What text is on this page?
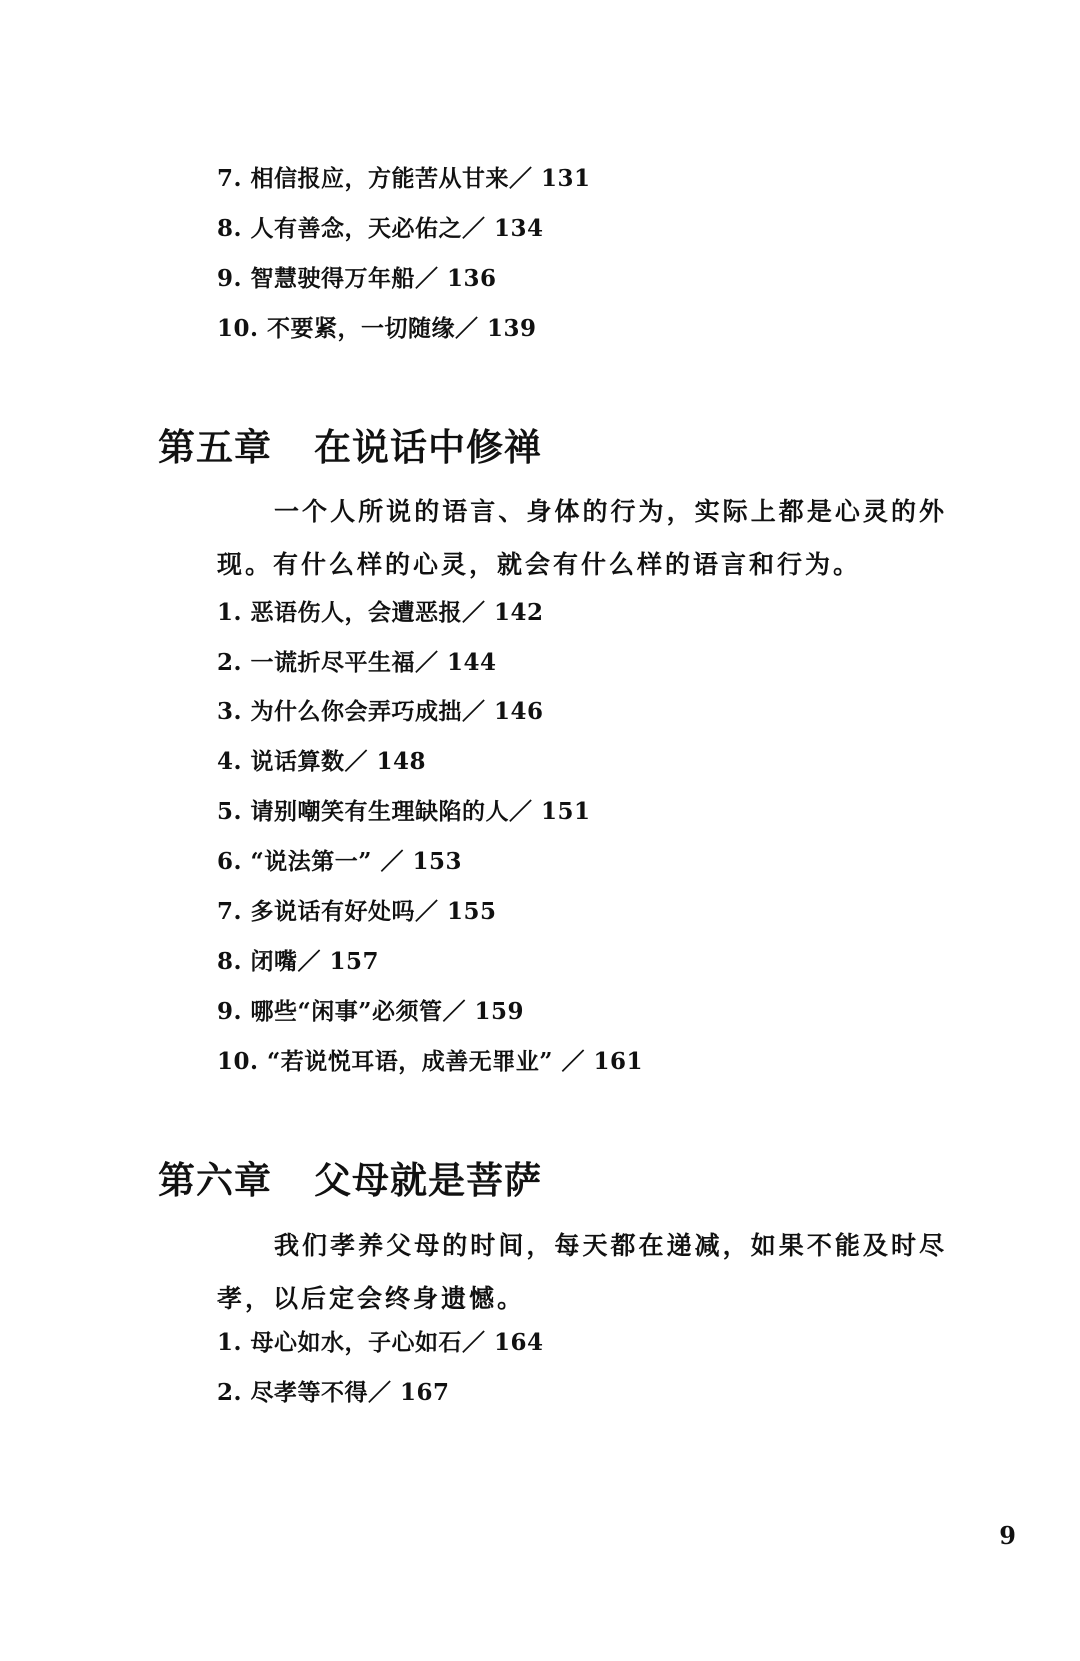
7. 相信报应，方能苦从甘来／ 131
8. 人有善念，天必佑之／ 134
9. 智慧驶得万年船／ 136
10. 不要紧，一切随缘／ 139
第五章 在说话中修禅
一个人所说的语言、身体的行为，实际上都是心灵的外现。有什么样的心灵，就会有什么样的语言和行为。
1. 恶语伤人，会遭恶报／ 142
2. 一谎折尽平生福／ 144
3. 为什么你会弄巧成拙／ 146
4. 说话算数／ 148
5. 请别嘲笑有生理缺陷的人／ 151
6. “说法第一” ／ 153
7. 多说话有好处吗／ 155
8. 闭嘴／ 157
9. 哪些“闲事”必须管／ 159
10. “若说悦耳语，成善无罪业” ／ 161
第六章 父母就是菩萨
我们孝养父母的时间，每天都在递减，如果不能及时尽孝，以后定会终身遗憾。
1. 母心如水，子心如石／ 164
2. 尽孝等不得／ 167
9
